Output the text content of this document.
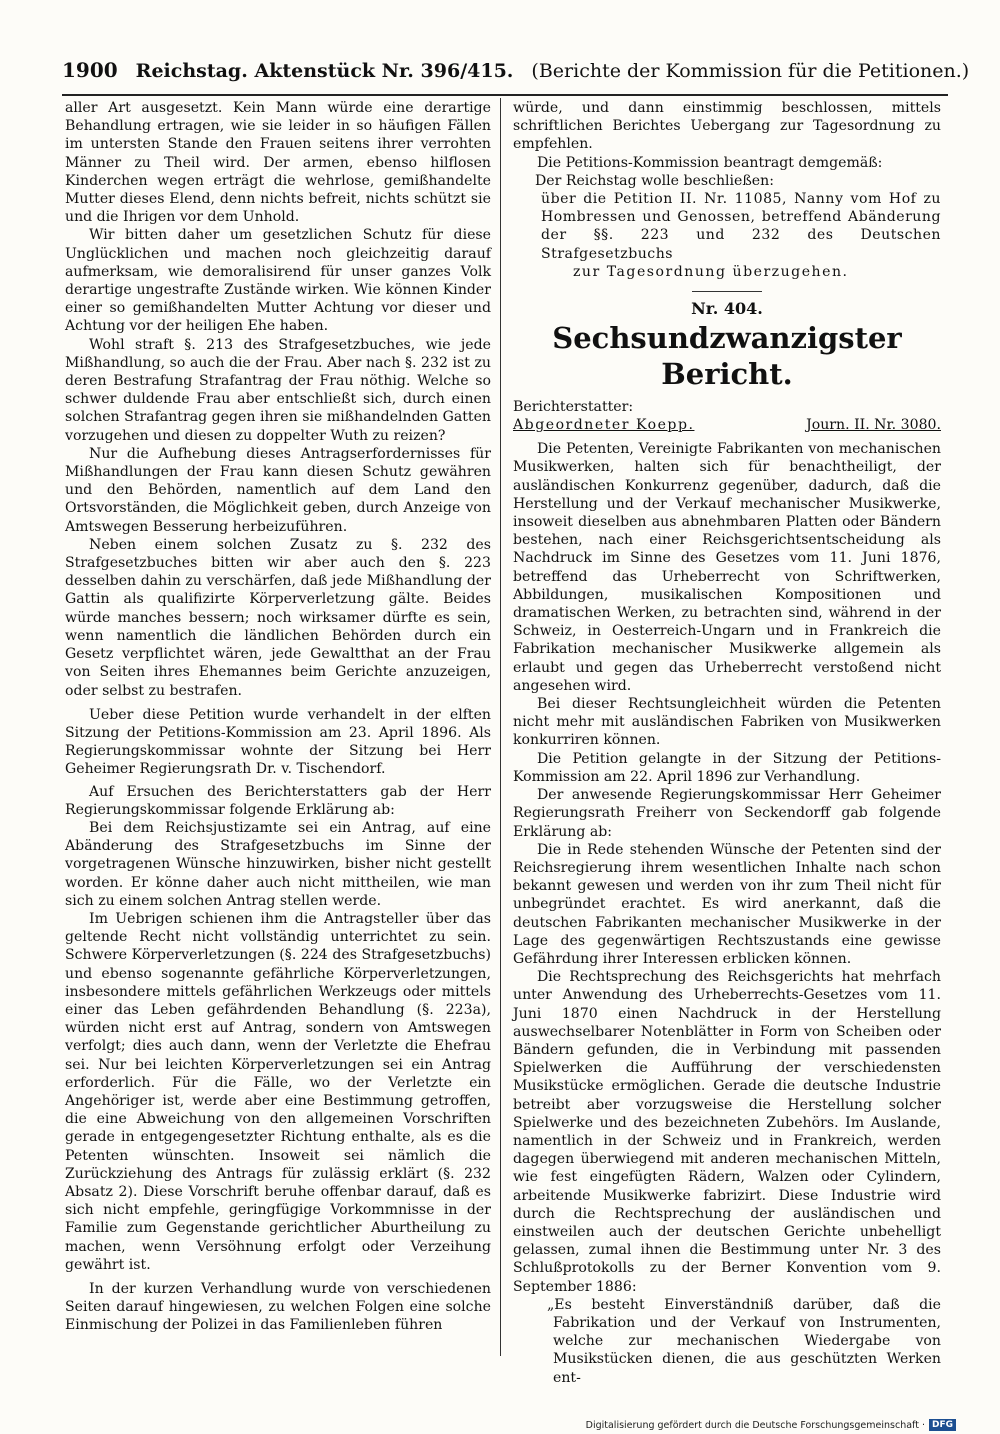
1900 Reichstag. Aktenstück Nr. 396/415. (Berichte der Kommission für die Petitionen.)

aller Art ausgesetzt. Kein Mann würde eine derartige Behandlung ertragen, wie sie leider in so häufigen Fällen im untersten Stande den Frauen seitens ihrer verrohten Männer zu Theil wird. Der armen, ebenso hilflosen Kinderchen wegen erträgt die wehrlose, gemißhandelte Mutter dieses Elend, denn nichts befreit, nichts schützt sie und die Ihrigen vor dem Unhold.

Wir bitten daher um gesetzlichen Schutz für diese Unglücklichen und machen noch gleichzeitig darauf aufmerksam, wie demoralisirend für unser ganzes Volk derartige ungestrafte Zustände wirken. Wie können Kinder einer so gemißhandelten Mutter Achtung vor dieser und Achtung vor der heiligen Ehe haben.

Wohl straft §. 213 des Strafgesetzbuches, wie jede Mißhandlung, so auch die der Frau. Aber nach §. 232 ist zu deren Bestrafung Strafantrag der Frau nöthig. Welche so schwer duldende Frau aber entschließt sich, durch einen solchen Strafantrag gegen ihren sie mißhandelnden Gatten vorzugehen und diesen zu doppelter Wuth zu reizen?

Nur die Aufhebung dieses Antragserfordernisses für Mißhandlungen der Frau kann diesen Schutz gewähren und den Behörden, namentlich auf dem Land den Ortsvorständen, die Möglichkeit geben, durch Anzeige von Amtswegen Besserung herbeizuführen.

Neben einem solchen Zusatz zu §. 232 des Strafgesetzbuches bitten wir aber auch den §. 223 desselben dahin zu verschärfen, daß jede Mißhandlung der Gattin als qualifizirte Körperverletzung gälte. Beides würde manches bessern; noch wirksamer dürfte es sein, wenn namentlich die ländlichen Behörden durch ein Gesetz verpflichtet wären, jede Gewaltthat an der Frau von Seiten ihres Ehemannes beim Gerichte anzuzeigen, oder selbst zu bestrafen.

Ueber diese Petition wurde verhandelt in der elften Sitzung der Petitions-Kommission am 23. April 1896. Als Regierungskommissar wohnte der Sitzung bei Herr Geheimer Regierungsrath Dr. v. Tischendorf.

Auf Ersuchen des Berichterstatters gab der Herr Regierungskommissar folgende Erklärung ab:

Bei dem Reichsjustizamte sei ein Antrag, auf eine Abänderung des Strafgesetzbuchs im Sinne der vorgetragenen Wünsche hinzuwirken, bisher nicht gestellt worden. Er könne daher auch nicht mittheilen, wie man sich zu einem solchen Antrag stellen werde.

Im Uebrigen schienen ihm die Antragsteller über das geltende Recht nicht vollständig unterrichtet zu sein. Schwere Körperverletzungen (§. 224 des Strafgesetzbuchs) und ebenso sogenannte gefährliche Körperverletzungen, insbesondere mittels gefährlichen Werkzeugs oder mittels einer das Leben gefährdenden Behandlung (§. 223a), würden nicht erst auf Antrag, sondern von Amtswegen verfolgt; dies auch dann, wenn der Verletzte die Ehefrau sei. Nur bei leichten Körperverletzungen sei ein Antrag erforderlich. Für die Fälle, wo der Verletzte ein Angehöriger ist, werde aber eine Bestimmung getroffen, die eine Abweichung von den allgemeinen Vorschriften gerade in entgegengesetzter Richtung enthalte, als es die Petenten wünschten. Insoweit sei nämlich die Zurückziehung des Antrags für zulässig erklärt (§. 232 Absatz 2). Diese Vorschrift beruhe offenbar darauf, daß es sich nicht empfehle, geringfügige Vorkommnisse in der Familie zum Gegenstande gerichtlicher Aburtheilung zu machen, wenn Versöhnung erfolgt oder Verzeihung gewährt ist.

In der kurzen Verhandlung wurde von verschiedenen Seiten darauf hingewiesen, zu welchen Folgen eine solche Einmischung der Polizei in das Familienleben führen

würde, und dann einstimmig beschlossen, mittels schriftlichen Berichtes Uebergang zur Tagesordnung zu empfehlen.

Die Petitions-Kommission beantragt demgemäß:

Der Reichstag wolle beschließen:

über die Petition II. Nr. 11085, Nanny vom Hof zu Hombressen und Genossen, betreffend Abänderung der §§. 223 und 232 des Deutschen Strafgesetzbuchs

zur Tagesordnung überzugehen.

Nr. 404.
Sechsundzwanzigster Bericht.
Berichterstatter:
Abgeordneter Koepp.	Journ. II. Nr. 3080.

Die Petenten, Vereinigte Fabrikanten von mechanischen Musikwerken, halten sich für benachtheiligt, der ausländischen Konkurrenz gegenüber, dadurch, daß die Herstellung und der Verkauf mechanischer Musikwerke, insoweit dieselben aus abnehmbaren Platten oder Bändern bestehen, nach einer Reichsgerichtsentscheidung als Nachdruck im Sinne des Gesetzes vom 11. Juni 1876, betreffend das Urheberrecht von Schriftwerken, Abbildungen, musikalischen Kompositionen und dramatischen Werken, zu betrachten sind, während in der Schweiz, in Oesterreich-Ungarn und in Frankreich die Fabrikation mechanischer Musikwerke allgemein als erlaubt und gegen das Urheberrecht verstoßend nicht angesehen wird.

Bei dieser Rechtsungleichheit würden die Petenten nicht mehr mit ausländischen Fabriken von Musikwerken konkurriren können.

Die Petition gelangte in der Sitzung der Petitions-Kommission am 22. April 1896 zur Verhandlung.

Der anwesende Regierungskommissar Herr Geheimer Regierungsrath Freiherr von Seckendorff gab folgende Erklärung ab:

Die in Rede stehenden Wünsche der Petenten sind der Reichsregierung ihrem wesentlichen Inhalte nach schon bekannt gewesen und werden von ihr zum Theil nicht für unbegründet erachtet. Es wird anerkannt, daß die deutschen Fabrikanten mechanischer Musikwerke in der Lage des gegenwärtigen Rechtszustands eine gewisse Gefährdung ihrer Interessen erblicken können.

Die Rechtsprechung des Reichsgerichts hat mehrfach unter Anwendung des Urheberrechts-Gesetzes vom 11. Juni 1870 einen Nachdruck in der Herstellung auswechselbarer Notenblätter in Form von Scheiben oder Bändern gefunden, die in Verbindung mit passenden Spielwerken die Aufführung der verschiedensten Musikstücke ermöglichen. Gerade die deutsche Industrie betreibt aber vorzugsweise die Herstellung solcher Spielwerke und des bezeichneten Zubehörs. Im Auslande, namentlich in der Schweiz und in Frankreich, werden dagegen überwiegend mit anderen mechanischen Mitteln, wie fest eingefügten Rädern, Walzen oder Cylindern, arbeitende Musikwerke fabrizirt. Diese Industrie wird durch die Rechtsprechung der ausländischen und einstweilen auch der deutschen Gerichte unbehelligt gelassen, zumal ihnen die Bestimmung unter Nr. 3 des Schlußprotokolls zu der Berner Konvention vom 9. September 1886:

„Es besteht Einverständniß darüber, daß die Fabrikation und der Verkauf von Instrumenten, welche zur mechanischen Wiedergabe von Musikstücken dienen, die aus geschützten Werken ent-

Digitalisierung gefördert durch die Deutsche Forschungsgemeinschaft · DFG
